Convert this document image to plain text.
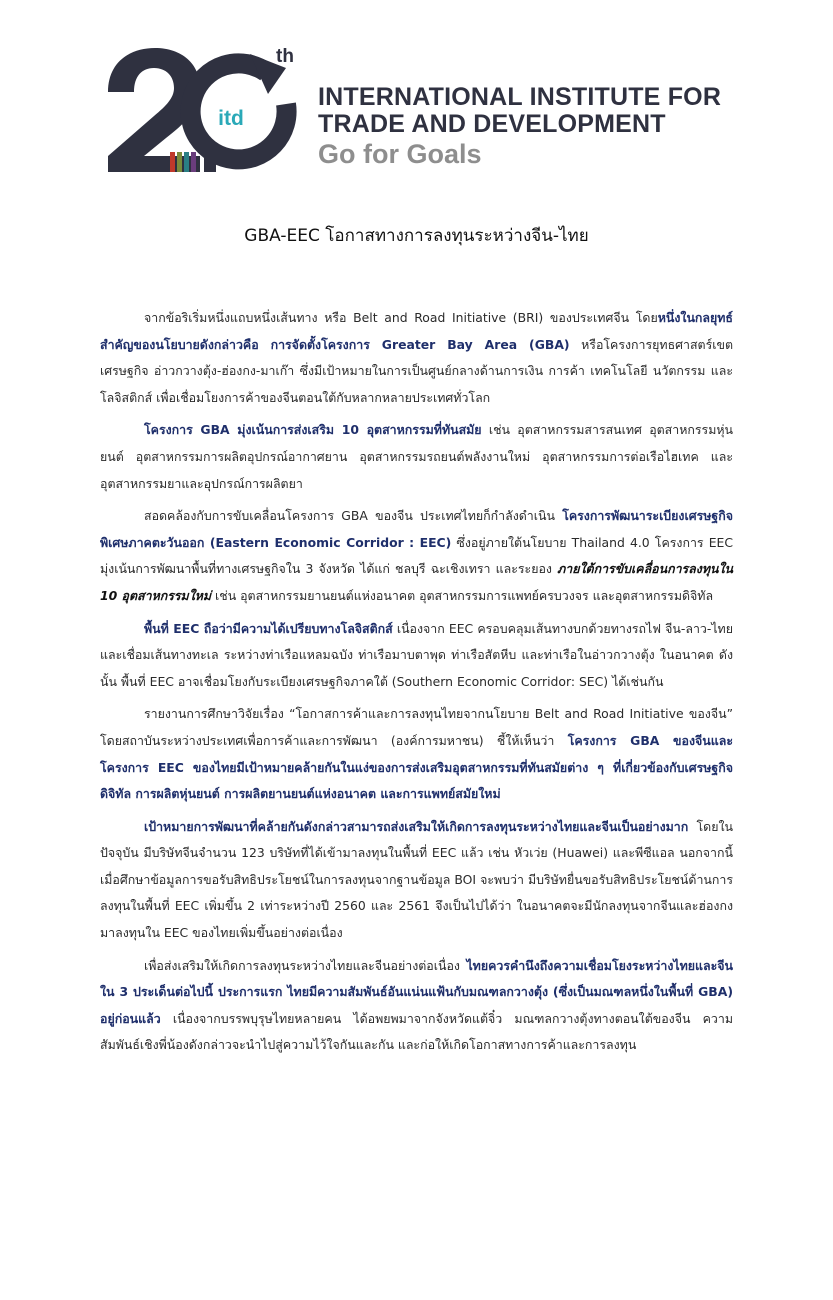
itd
th
INTERNATIONAL INSTITUTE FOR
TRADE AND DEVELOPMENT
Go for Goals
GBA-EEC โอกาสทางการลงทุนระหว่างจีน-ไทย

จากข้อริเริ่มหนึ่งแถบหนึ่งเส้นทาง หรือ Belt and Road Initiative (BRI) ของประเทศจีน โดยหนึ่งในกลยุทธ์สำคัญของนโยบายดังกล่าวคือ การจัดตั้งโครงการ Greater Bay Area (GBA) หรือโครงการยุทธศาสตร์เขตเศรษฐกิจ อ่าวกวางตุ้ง-ฮ่องกง-มาเก๊า ซึ่งมีเป้าหมายในการเป็นศูนย์กลางด้านการเงิน การค้า เทคโนโลยี นวัตกรรม และโลจิสติกส์ เพื่อเชื่อมโยงการค้าของจีนตอนใต้กับหลากหลายประเทศทั่วโลก

โครงการ GBA มุ่งเน้นการส่งเสริม 10 อุตสาหกรรมที่ทันสมัย เช่น อุตสาหกรรมสารสนเทศ อุตสาหกรรมหุ่นยนต์ อุตสาหกรรมการผลิตอุปกรณ์อากาศยาน อุตสาหกรรมรถยนต์พลังงานใหม่ อุตสาหกรรมการต่อเรือไฮเทค และอุตสาหกรรมยาและอุปกรณ์การผลิตยา

สอดคล้องกับการขับเคลื่อนโครงการ GBA ของจีน ประเทศไทยก็กำลังดำเนิน โครงการพัฒนาระเบียงเศรษฐกิจพิเศษภาคตะวันออก (Eastern Economic Corridor : EEC) ซึ่งอยู่ภายใต้นโยบาย Thailand 4.0 โครงการ EEC มุ่งเน้นการพัฒนาพื้นที่ทางเศรษฐกิจใน 3 จังหวัด ได้แก่ ชลบุรี ฉะเชิงเทรา และระยอง ภายใต้การขับเคลื่อนการลงทุนใน 10 อุตสาหกรรมใหม่ เช่น อุตสาหกรรมยานยนต์แห่งอนาคต อุตสาหกรรมการแพทย์ครบวงจร และอุตสาหกรรมดิจิทัล

พื้นที่ EEC ถือว่ามีความได้เปรียบทางโลจิสติกส์ เนื่องจาก EEC ครอบคลุมเส้นทางบกด้วยทางรถไฟ จีน-ลาว-ไทย และเชื่อมเส้นทางทะเล ระหว่างท่าเรือแหลมฉบัง ท่าเรือมาบตาพุด ท่าเรือสัตหีบ และท่าเรือในอ่าวกวางตุ้ง ในอนาคต ดังนั้น พื้นที่ EEC อาจเชื่อมโยงกับระเบียงเศรษฐกิจภาคใต้ (Southern Economic Corridor: SEC) ได้เช่นกัน

รายงานการศึกษาวิจัยเรื่อง “โอกาสการค้าและการลงทุนไทยจากนโยบาย Belt and Road Initiative ของจีน” โดยสถาบันระหว่างประเทศเพื่อการค้าและการพัฒนา (องค์การมหาชน) ชี้ให้เห็นว่า โครงการ GBA ของจีนและโครงการ EEC ของไทยมีเป้าหมายคล้ายกันในแง่ของการส่งเสริมอุตสาหกรรมที่ทันสมัยต่าง ๆ ที่เกี่ยวข้องกับเศรษฐกิจดิจิทัล การผลิตหุ่นยนต์ การผลิตยานยนต์แห่งอนาคต และการแพทย์สมัยใหม่

เป้าหมายการพัฒนาที่คล้ายกันดังกล่าวสามารถส่งเสริมให้เกิดการลงทุนระหว่างไทยและจีนเป็นอย่างมาก โดยในปัจจุบัน มีบริษัทจีนจำนวน 123 บริษัทที่ได้เข้ามาลงทุนในพื้นที่ EEC แล้ว เช่น หัวเว่ย (Huawei) และพีซีแอล นอกจากนี้ เมื่อศึกษาข้อมูลการขอรับสิทธิประโยชน์ในการลงทุนจากฐานข้อมูล BOI จะพบว่า มีบริษัทยื่นขอรับสิทธิประโยชน์ด้านการลงทุนในพื้นที่ EEC เพิ่มขึ้น 2 เท่าระหว่างปี 2560 และ 2561 จึงเป็นไปได้ว่า ในอนาคตจะมีนักลงทุนจากจีนและฮ่องกงมาลงทุนใน EEC ของไทยเพิ่มขึ้นอย่างต่อเนื่อง

เพื่อส่งเสริมให้เกิดการลงทุนระหว่างไทยและจีนอย่างต่อเนื่อง ไทยควรคำนึงถึงความเชื่อมโยงระหว่างไทยและจีนใน 3 ประเด็นต่อไปนี้ ประการแรก ไทยมีความสัมพันธ์อันแน่นแฟ้นกับมณฑลกวางตุ้ง (ซึ่งเป็นมณฑลหนึ่งในพื้นที่ GBA) อยู่ก่อนแล้ว เนื่องจากบรรพบุรุษไทยหลายคน ได้อพยพมาจากจังหวัดแต้จิ๋ว มณฑลกวางตุ้งทางตอนใต้ของจีน ความสัมพันธ์เชิงพี่น้องดังกล่าวจะนำไปสู่ความไว้ใจกันและกัน และก่อให้เกิดโอกาสทางการค้าและการลงทุน
